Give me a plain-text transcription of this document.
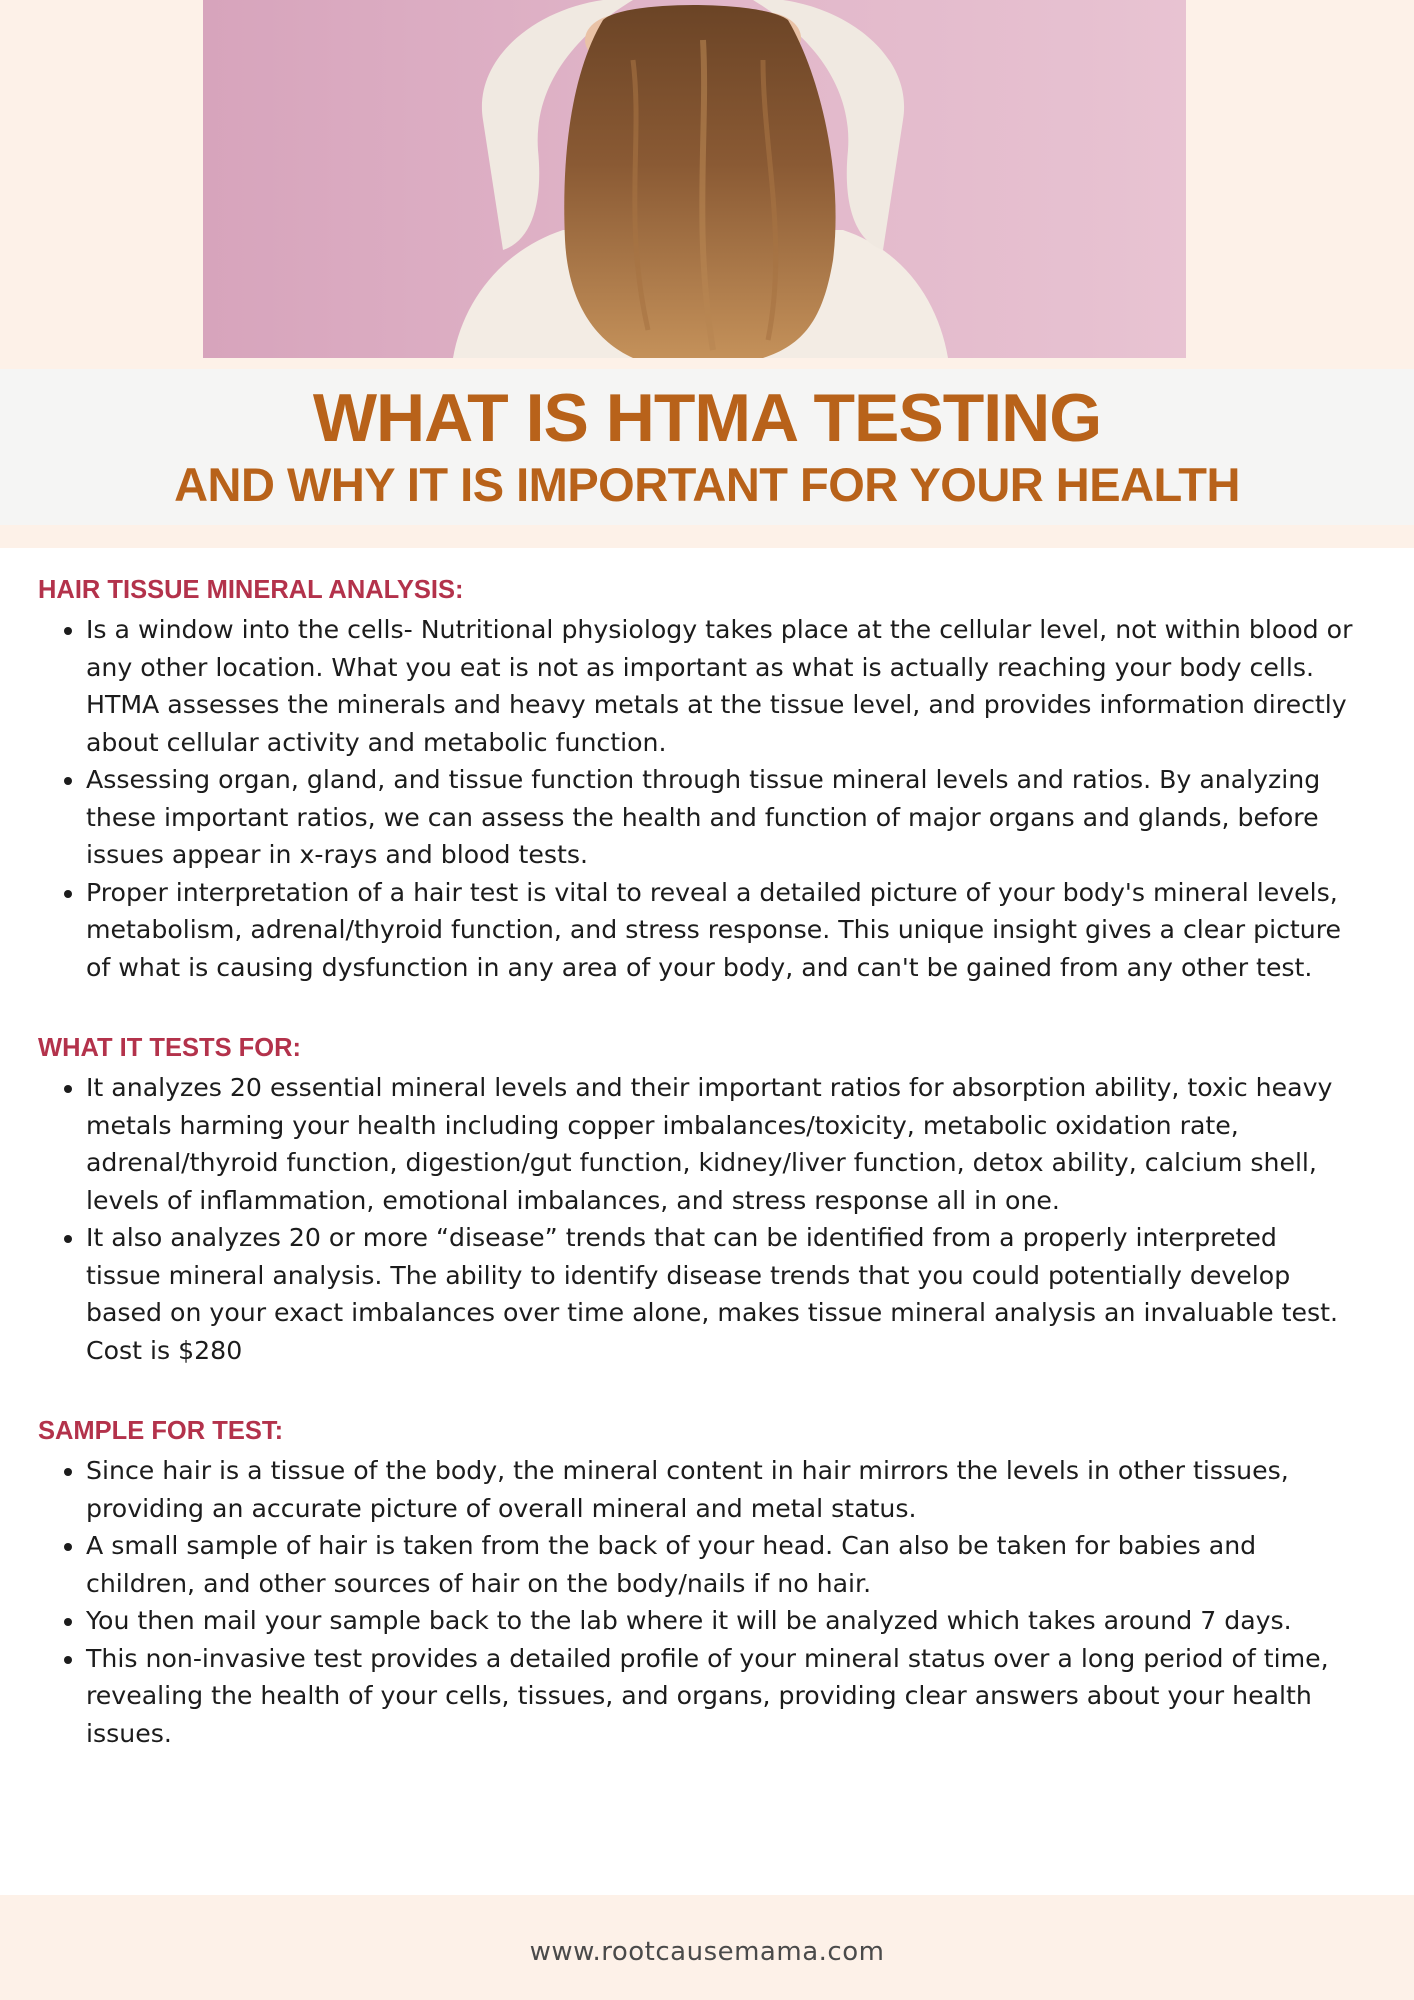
WHAT IS HTMA TESTING
AND WHY IT IS IMPORTANT FOR YOUR HEALTH
HAIR TISSUE MINERAL ANALYSIS:
• Is a window into the cells- Nutritional physiology takes place at the cellular level, not within blood or any other location. What you eat is not as important as what is actually reaching your body cells. HTMA assesses the minerals and heavy metals at the tissue level, and provides information directly about cellular activity and metabolic function.
• Assessing organ, gland, and tissue function through tissue mineral levels and ratios. By analyzing these important ratios, we can assess the health and function of major organs and glands, before issues appear in x-rays and blood tests.
• Proper interpretation of a hair test is vital to reveal a detailed picture of your body's mineral levels, metabolism, adrenal/thyroid function, and stress response. This unique insight gives a clear picture of what is causing dysfunction in any area of your body, and can't be gained from any other test.
WHAT IT TESTS FOR:
• It analyzes 20 essential mineral levels and their important ratios for absorption ability, toxic heavy metals harming your health including copper imbalances/toxicity, metabolic oxidation rate, adrenal/thyroid function, digestion/gut function, kidney/liver function, detox ability, calcium shell, levels of inflammation, emotional imbalances, and stress response all in one.
• It also analyzes 20 or more “disease” trends that can be identified from a properly interpreted tissue mineral analysis. The ability to identify disease trends that you could potentially develop based on your exact imbalances over time alone, makes tissue mineral analysis an invaluable test. Cost is $280
SAMPLE FOR TEST:
• Since hair is a tissue of the body, the mineral content in hair mirrors the levels in other tissues, providing an accurate picture of overall mineral and metal status.
• A small sample of hair is taken from the back of your head. Can also be taken for babies and children, and other sources of hair on the body/nails if no hair.
• You then mail your sample back to the lab where it will be analyzed which takes around 7 days.
• This non-invasive test provides a detailed profile of your mineral status over a long period of time, revealing the health of your cells, tissues, and organs, providing clear answers about your health issues.
www.rootcausemama.com
